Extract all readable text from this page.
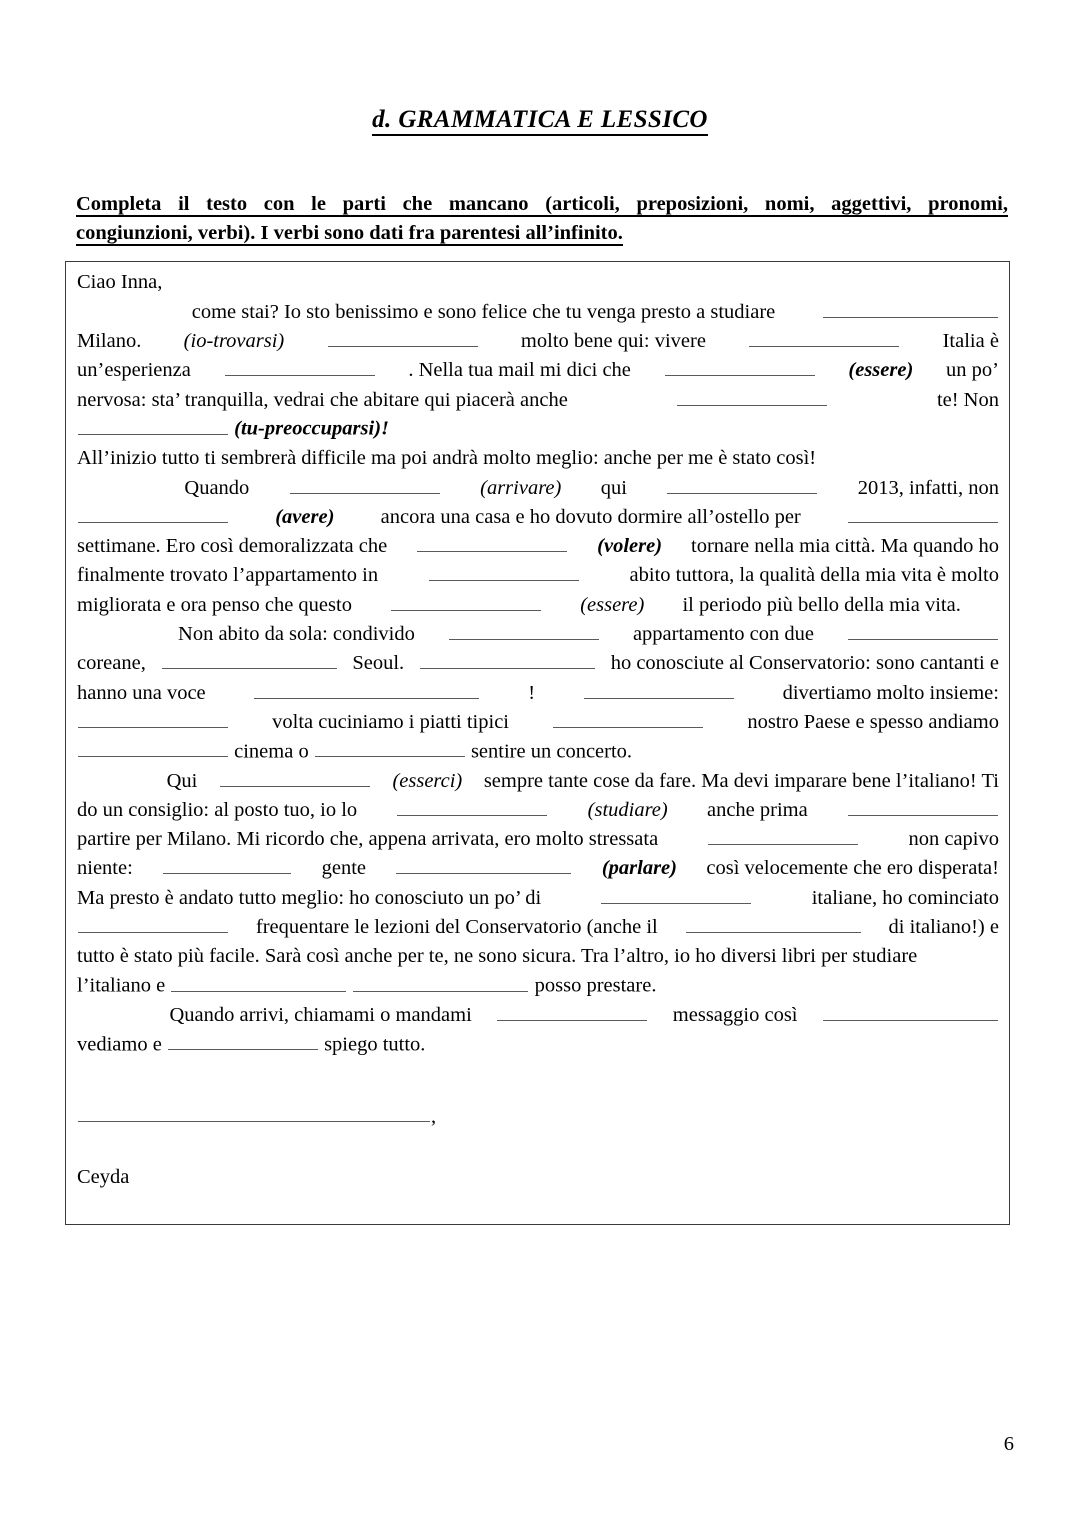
d. GRAMMATICA E LESSICO
Completa il testo con le parti che mancano (articoli, preposizioni, nomi, aggettivi, pronomi,
congiunzioni, verbi). I verbi sono dati fra parentesi all’infinito.
Ciao Inna,
come stai? Io sto benissimo e sono felice che tu venga presto a studiare
Milano. (io-trovarsi)	molto bene qui: vivere	Italia è
un’esperienza	. Nella tua mail mi dici che	(essere) un po’
nervosa: sta’ tranquilla, vedrai che abitare qui piacerà anche	te! Non
(tu-preoccuparsi)!
All’inizio tutto ti sembrerà difficile ma poi andrà molto meglio: anche per me è stato così!
Quando	(arrivare) qui	2013, infatti, non
(avere) ancora una casa e ho dovuto dormire all’ostello per
settimane. Ero così demoralizzata che	(volere) tornare nella mia città. Ma quando ho
finalmente trovato l’appartamento in	abito tuttora, la qualità della mia vita è molto
migliorata e ora penso che questo	(essere) il periodo più bello della mia vita.
Non abito da sola: condivido	appartamento con due
coreane,	Seoul.	ho conosciute al Conservatorio: sono cantanti e
hanno una voce	!	divertiamo molto insieme:
volta cuciniamo i piatti tipici	nostro Paese e spesso andiamo
cinema o	sentire un concerto.
Qui	(esserci) sempre tante cose da fare. Ma devi imparare bene l’italiano! Ti
do un consiglio: al posto tuo, io lo	(studiare) anche prima
partire per Milano. Mi ricordo che, appena arrivata, ero molto stressata	non capivo
niente:	gente	(parlare) così velocemente che ero disperata!
Ma presto è andato tutto meglio: ho conosciuto un po’ di	italiane, ho cominciato
frequentare le lezioni del Conservatorio (anche il	di italiano!) e
tutto è stato più facile. Sarà così anche per te, ne sono sicura. Tra l’altro, io ho diversi libri per studiare
l’italiano e	posso prestare.
Quando arrivi, chiamami o mandami	messaggio così
vediamo e	spiego tutto.
,
Ceyda
6
